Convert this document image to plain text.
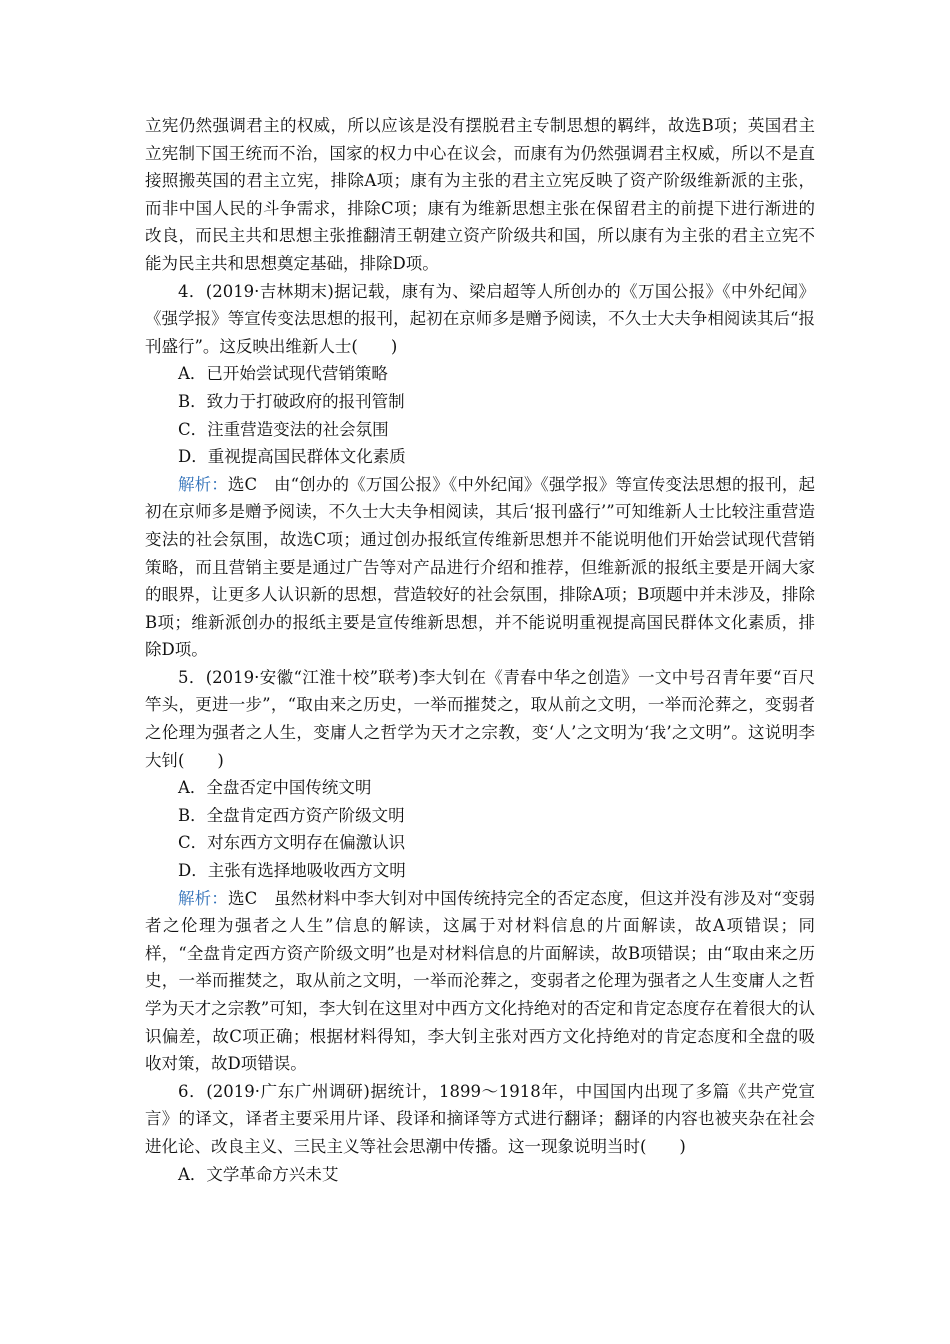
立宪仍然强调君主的权威，所以应该是没有摆脱君主专制思想的羁绊，故选B项；英国君主立宪制下国王统而不治，国家的权力中心在议会，而康有为仍然强调君主权威，所以不是直接照搬英国的君主立宪，排除A项；康有为主张的君主立宪反映了资产阶级维新派的主张，而非中国人民的斗争需求，排除C项；康有为维新思想主张在保留君主的前提下进行渐进的改良，而民主共和思想主张推翻清王朝建立资产阶级共和国，所以康有为主张的君主立宪不能为民主共和思想奠定基础，排除D项。

4．(2019·吉林期末)据记载，康有为、梁启超等人所创办的《万国公报》《中外纪闻》《强学报》等宣传变法思想的报刊，起初在京师多是赠予阅读，不久士大夫争相阅读其后“报刊盛行”。这反映出维新人士(　　)

A．已开始尝试现代营销策略

B．致力于打破政府的报刊管制

C．注重营造变法的社会氛围

D．重视提高国民群体文化素质

解析：选C　由“创办的《万国公报》《中外纪闻》《强学报》等宣传变法思想的报刊，起初在京师多是赠予阅读，不久士大夫争相阅读，其后‘报刊盛行’”可知维新人士比较注重营造变法的社会氛围，故选C项；通过创办报纸宣传维新思想并不能说明他们开始尝试现代营销策略，而且营销主要是通过广告等对产品进行介绍和推荐，但维新派的报纸主要是开阔大家的眼界，让更多人认识新的思想，营造较好的社会氛围，排除A项；B项题中并未涉及，排除B项；维新派创办的报纸主要是宣传维新思想，并不能说明重视提高国民群体文化素质，排除D项。

5．(2019·安徽“江淮十校”联考)李大钊在《青春中华之创造》一文中号召青年要“百尺竿头，更进一步”，“取由来之历史，一举而摧焚之，取从前之文明，一举而沦葬之，变弱者之伦理为强者之人生，变庸人之哲学为天才之宗教，变‘人’之文明为‘我’之文明”。这说明李大钊(　　)

A．全盘否定中国传统文明

B．全盘肯定西方资产阶级文明

C．对东西方文明存在偏激认识

D．主张有选择地吸收西方文明

解析：选C　虽然材料中李大钊对中国传统持完全的否定态度，但这并没有涉及对“变弱者之伦理为强者之人生”信息的解读，这属于对材料信息的片面解读，故A项错误；同样，“全盘肯定西方资产阶级文明”也是对材料信息的片面解读，故B项错误；由“取由来之历史，一举而摧焚之，取从前之文明，一举而沦葬之，变弱者之伦理为强者之人生变庸人之哲学为天才之宗教”可知，李大钊在这里对中西方文化持绝对的否定和肯定态度存在着很大的认识偏差，故C项正确；根据材料得知，李大钊主张对西方文化持绝对的肯定态度和全盘的吸收对策，故D项错误。

6．(2019·广东广州调研)据统计，1899～1918年，中国国内出现了多篇《共产党宣言》的译文，译者主要采用片译、段译和摘译等方式进行翻译；翻译的内容也被夹杂在社会进化论、改良主义、三民主义等社会思潮中传播。这一现象说明当时(　　)

A．文学革命方兴未艾
